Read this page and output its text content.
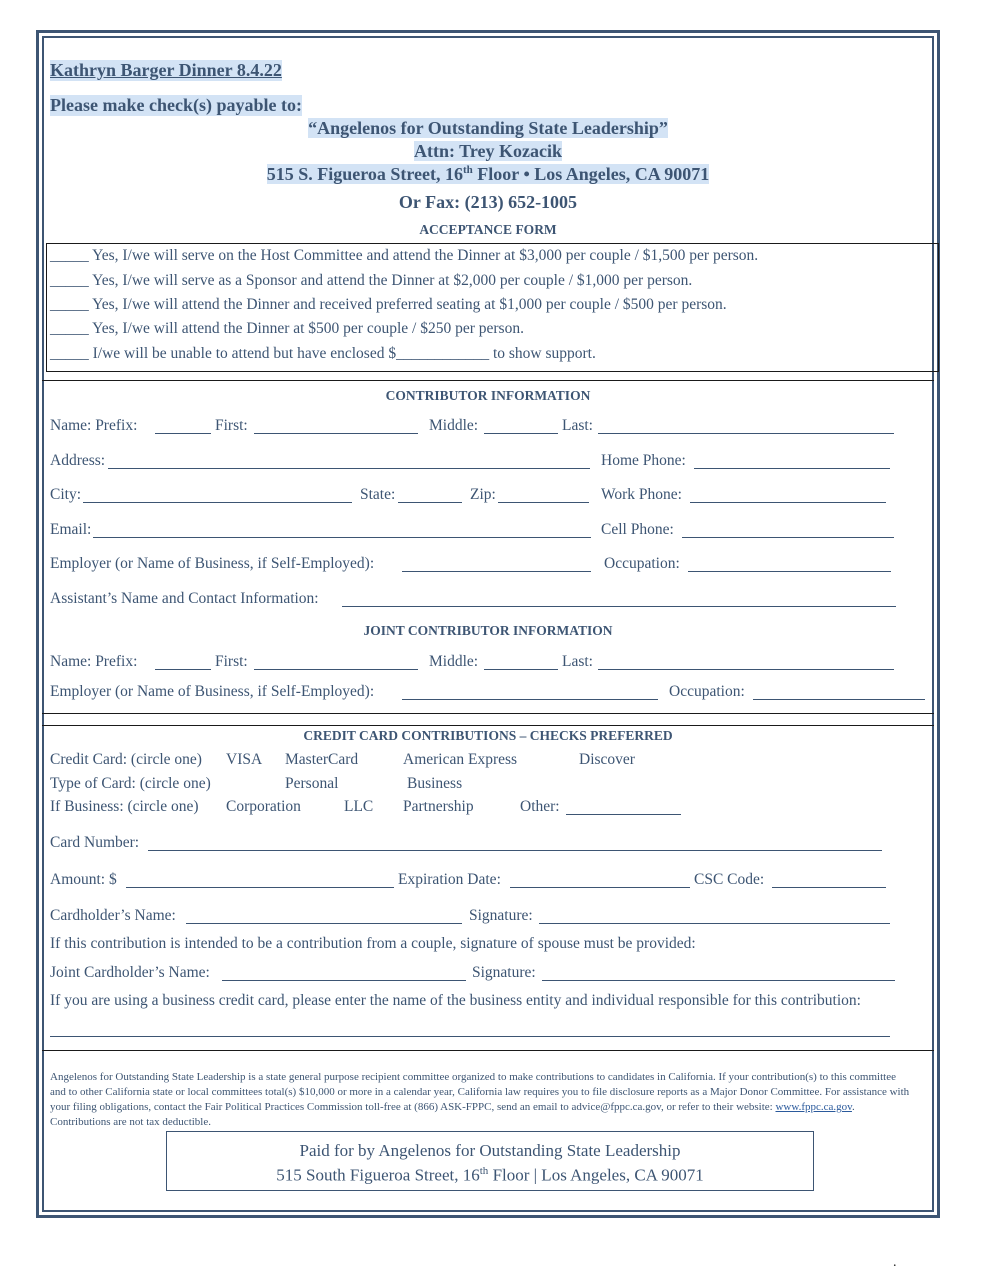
Kathryn Barger Dinner 8.4.22
Please make check(s) payable to:
“Angelenos for Outstanding State Leadership”
Attn: Trey Kozacik
515 S. Figueroa Street, 16th Floor • Los Angeles, CA 90071
Or Fax: (213) 652-1005
ACCEPTANCE FORM
_____ Yes, I/we will serve on the Host Committee and attend the Dinner at $3,000 per couple / $1,500 per person.
_____ Yes, I/we will serve as a Sponsor and attend the Dinner at $2,000 per couple / $1,000 per person.
_____ Yes, I/we will attend the Dinner and received preferred seating at $1,000 per couple / $500 per person.
_____ Yes, I/we will attend the Dinner at $500 per couple / $250 per person.
_____ I/we will be unable to attend but have enclosed $____________ to show support.
CONTRIBUTOR INFORMATION
Name: Prefix:	First:	Middle:	Last:
Address:	Home Phone:
City:	State:	Zip:	Work Phone:
Email:	Cell Phone:
Employer (or Name of Business, if Self-Employed):	Occupation:
Assistant’s Name and Contact Information:
JOINT CONTRIBUTOR INFORMATION
Name: Prefix:	First:	Middle:	Last:
Employer (or Name of Business, if Self-Employed):	Occupation:
CREDIT CARD CONTRIBUTIONS – CHECKS PREFERRED
Credit Card: (circle one) VISA MasterCard	American Express	Discover
Type of Card: (circle one)	Personal	Business
If Business: (circle one) Corporation	LLC Partnership	Other:
Card Number:
Amount: $	Expiration Date:	CSC Code:
Cardholder’s Name:	Signature:
If this contribution is intended to be a contribution from a couple, signature of spouse must be provided:
Joint Cardholder’s Name:	Signature:
If you are using a business credit card, please enter the name of the business entity and individual responsible for this contribution:
Angelenos for Outstanding State Leadership is a state general purpose recipient committee organized to make contributions to candidates in California. If your contribution(s) to this committee and to other California state or local committees total(s) $10,000 or more in a calendar year, California law requires you to file disclosure reports as a Major Donor Committee. For assistance with your filing obligations, contact the Fair Political Practices Commission toll-free at (866) ASK-FPPC, send an email to advice@fppc.ca.gov, or refer to their website: www.fppc.ca.gov. Contributions are not tax deductible.
Paid for by Angelenos for Outstanding State Leadership
515 South Figueroa Street, 16th Floor | Los Angeles, CA 90071
.
